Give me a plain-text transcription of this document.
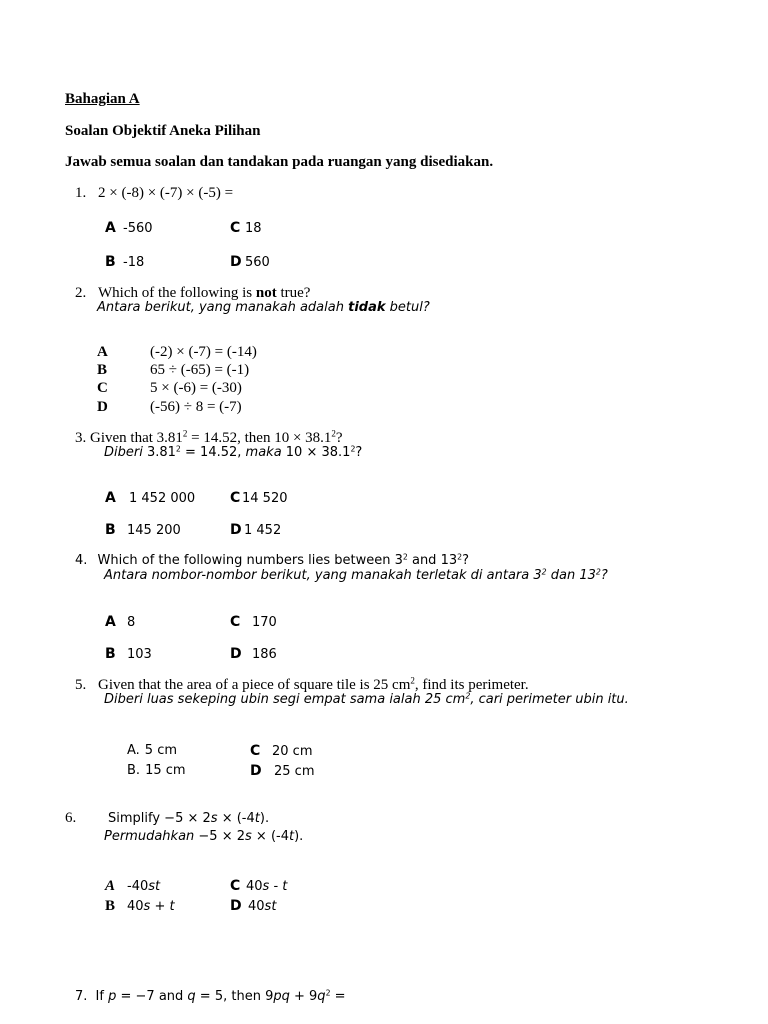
Bahagian A
Soalan Objektif Aneka Pilihan
Jawab semua soalan dan tandakan pada ruangan yang disediakan.
1. 2 × (-8) × (-7) × (-5) =
A -560	C 18
B -18	D 560
2. Which of the following is not true?
Antara berikut, yang manakah adalah tidak betul?
A	(-2) × (-7) = (-14)
B	65 ÷ (-65) = (-1)
C	5 × (-6) = (-30)
D	(-56) ÷ 8 = (-7)
3. Given that $3.81^2 = 14.52$, then $10 \times 38.1^2$?
Diberi $3.81^2 = 14.52$, maka $10 \times 38.1^2$?
A 1 452 000 C 14 520
B 145 200	D 1 452
4. Which of the following numbers lies between $3^2$ and $13^2$?
Antara nombor-nombor berikut, yang manakah terletak di antara $3^2$ dan $13^2$?
A 8	C 170
B 103	D 186
5. Given that the area of a piece of square tile is 25 $cm^2$, find its perimeter.
Diberi luas sekeping ubin segi empat sama ialah 25 $cm^2$, cari perimeter ubin itu.
A. 5 cm	C 20 cm
B. 15 cm	D 25 cm
6. Simplify −5 × 2s × (-4t).
Permudahkan −5 × 2s × (-4t).
A -40st	C 40s - t
B 40s + t	D 40st
7. If p = −7 and q = 5, then $9pq + 9q^2$ =
